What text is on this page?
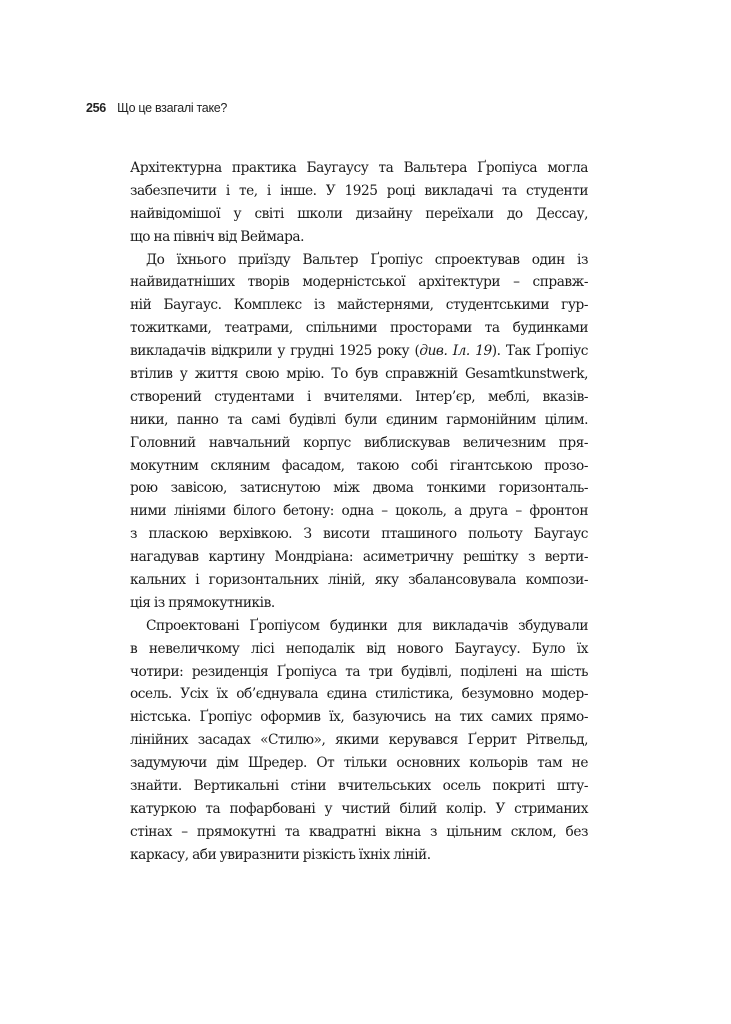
256 Що це взагалі таке?
Архітектурна практика Баугаусу та Вальтера Ґропіуса могла
забезпечити і те, і інше. У 1925 році викладачі та студенти
найвідомішої у світі школи дизайну переїхали до Дессау,
що на північ від Веймара.
До їхнього приїзду Вальтер Ґропіус спроектував один із
найвидатніших творів модерністської архітектури – справж-
ній Баугаус. Комплекс із майстернями, студентськими гур-
тожитками, театрами, спільними просторами та будинками
викладачів відкрили у грудні 1925 року (див. Іл. 19). Так Ґропіус
втілив у життя свою мрію. То був справжній Gesamtkunstwerk,
створений студентами і вчителями. Інтер’єр, меблі, вказів-
ники, панно та самі будівлі були єдиним гармонійним цілим.
Головний навчальний корпус виблискував величезним пря-
мокутним скляним фасадом, такою собі гігантською прозо-
рою завісою, затиснутою між двома тонкими горизонталь-
ними лініями білого бетону: одна – цоколь, а друга – фронтон
з пласкою верхівкою. З висоти пташиного польоту Баугаус
нагадував картину Мондріана: асиметричну решітку з верти-
кальних і горизонтальних ліній, яку збалансовувала компози-
ція із прямокутників.
Спроектовані Ґропіусом будинки для викладачів збудували
в невеличкому лісі неподалік від нового Баугаусу. Було їх
чотири: резиденція Ґропіуса та три будівлі, поділені на шість
осель. Усіх їх об’єднувала єдина стилістика, безумовно модер-
ністська. Ґропіус оформив їх, базуючись на тих самих прямо-
лінійних засадах «Стилю», якими керувався Ґеррит Рітвельд,
задумуючи дім Шредер. От тільки основних кольорів там не
знайти. Вертикальні стіни вчительських осель покриті шту-
катуркою та пофарбовані у чистий білий колір. У стриманих
стінах – прямокутні та квадратні вікна з цільним склом, без
каркасу, аби увиразнити різкість їхніх ліній.
